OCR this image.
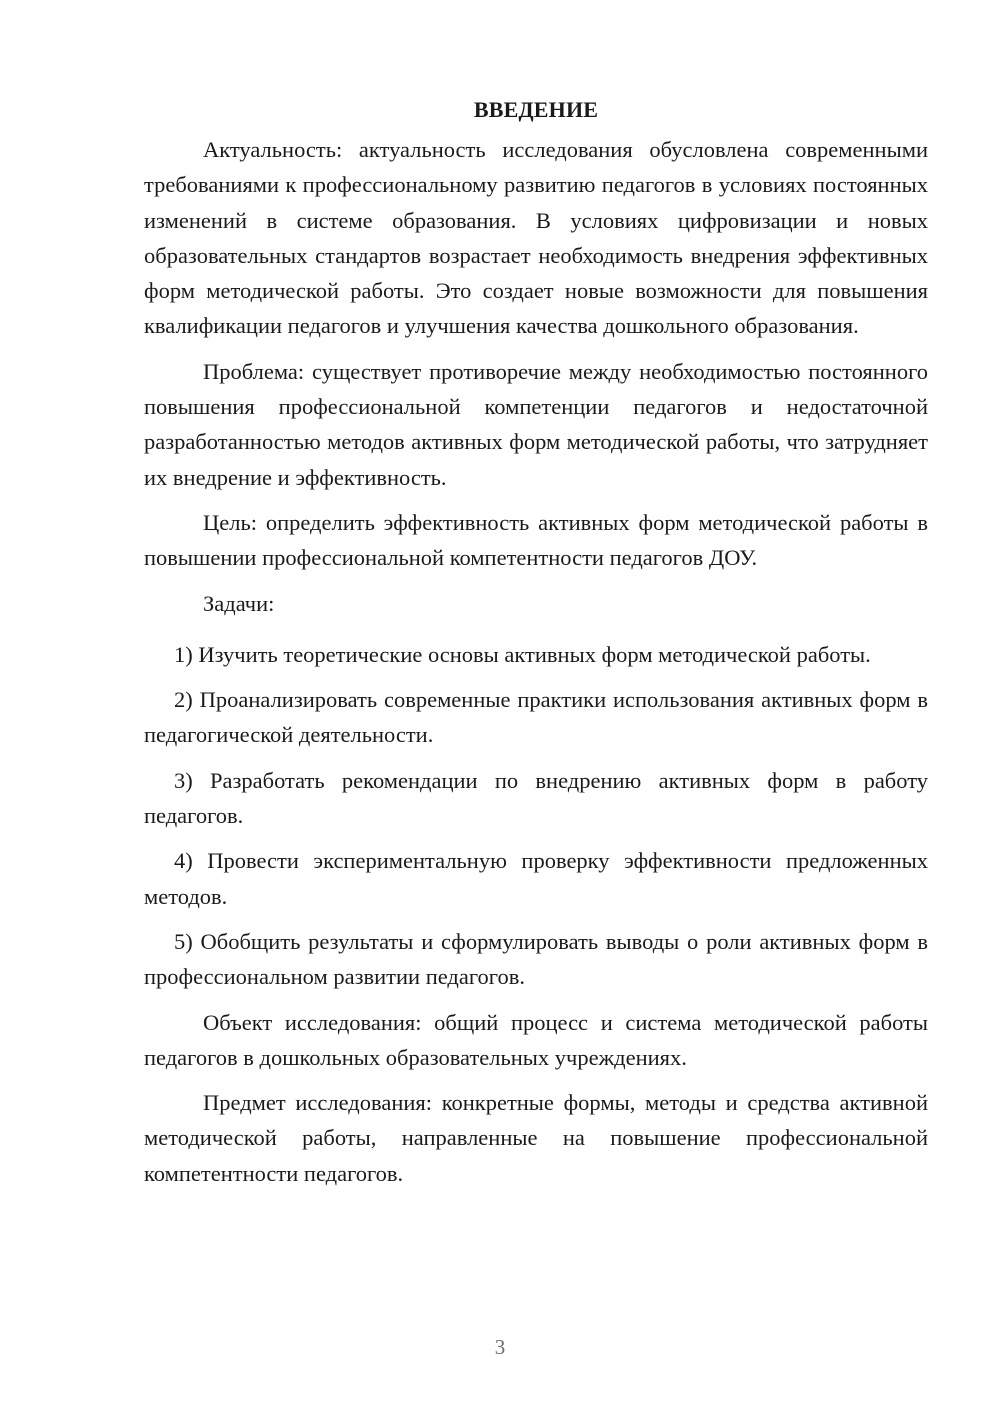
ВВЕДЕНИЕ

Актуальность: актуальность исследования обусловлена современными требованиями к профессиональному развитию педагогов в условиях постоянных изменений в системе образования. В условиях цифровизации и новых образовательных стандартов возрастает необходимость внедрения эффективных форм методической работы. Это создает новые возможности для повышения квалификации педагогов и улучшения качества дошкольного образования.

Проблема: существует противоречие между необходимостью постоянного повышения профессиональной компетенции педагогов и недостаточной разработанностью методов активных форм методической работы, что затрудняет их внедрение и эффективность.

Цель: определить эффективность активных форм методической работы в повышении профессиональной компетентности педагогов ДОУ.

Задачи:

1) Изучить теоретические основы активных форм методической работы.

2) Проанализировать современные практики использования активных форм в педагогической деятельности.

3) Разработать рекомендации по внедрению активных форм в работу педагогов.

4) Провести экспериментальную проверку эффективности предложенных методов.

5) Обобщить результаты и сформулировать выводы о роли активных форм в профессиональном развитии педагогов.

Объект исследования: общий процесс и система методической работы педагогов в дошкольных образовательных учреждениях.

Предмет исследования: конкретные формы, методы и средства активной методической работы, направленные на повышение профессиональной компетентности педагогов.

3
